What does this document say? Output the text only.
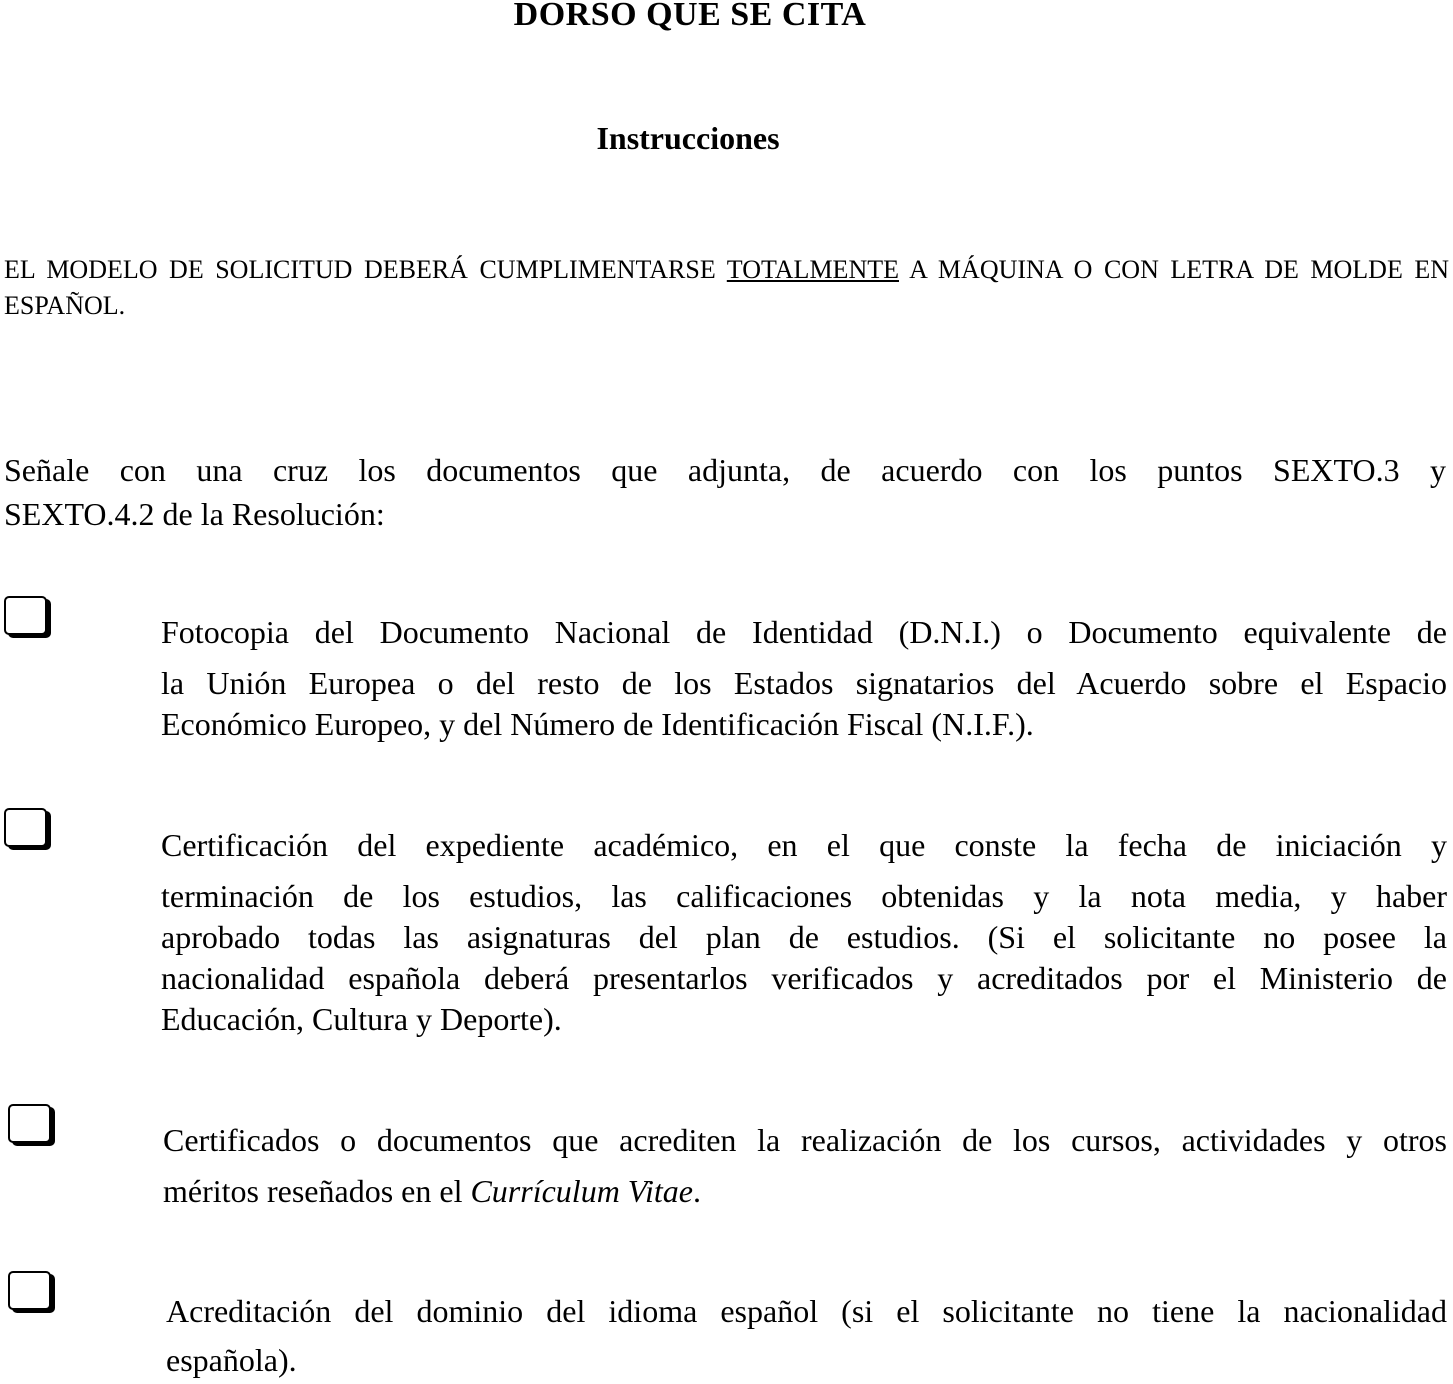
DORSO QUE SE CITA
Instrucciones

EL MODELO DE SOLICITUD DEBERÁ CUMPLIMENTARSE TOTALMENTE A MÁQUINA O CON LETRA DE MOLDE EN ESPAÑOL.

Señale con una cruz los documentos que adjunta, de acuerdo con los puntos SEXTO.3 y
SEXTO.4.2 de la Resolución:

Fotocopia del Documento Nacional de Identidad (D.N.I.) o Documento equivalente de
la Unión Europea o del resto de los Estados signatarios del Acuerdo sobre el Espacio
Económico Europeo, y del Número de Identificación Fiscal (N.I.F.).

Certificación del expediente académico, en el que conste la fecha de iniciación y
terminación de los estudios, las calificaciones obtenidas y la nota media, y haber
aprobado todas las asignaturas del plan de estudios. (Si el solicitante no posee la
nacionalidad española deberá presentarlos verificados y acreditados por el Ministerio de
Educación, Cultura y Deporte).

Certificados o documentos que acrediten la realización de los cursos, actividades y otros
méritos reseñados en el Currículum Vitae.

Acreditación del dominio del idioma español (si el solicitante no tiene la nacionalidad
española).
